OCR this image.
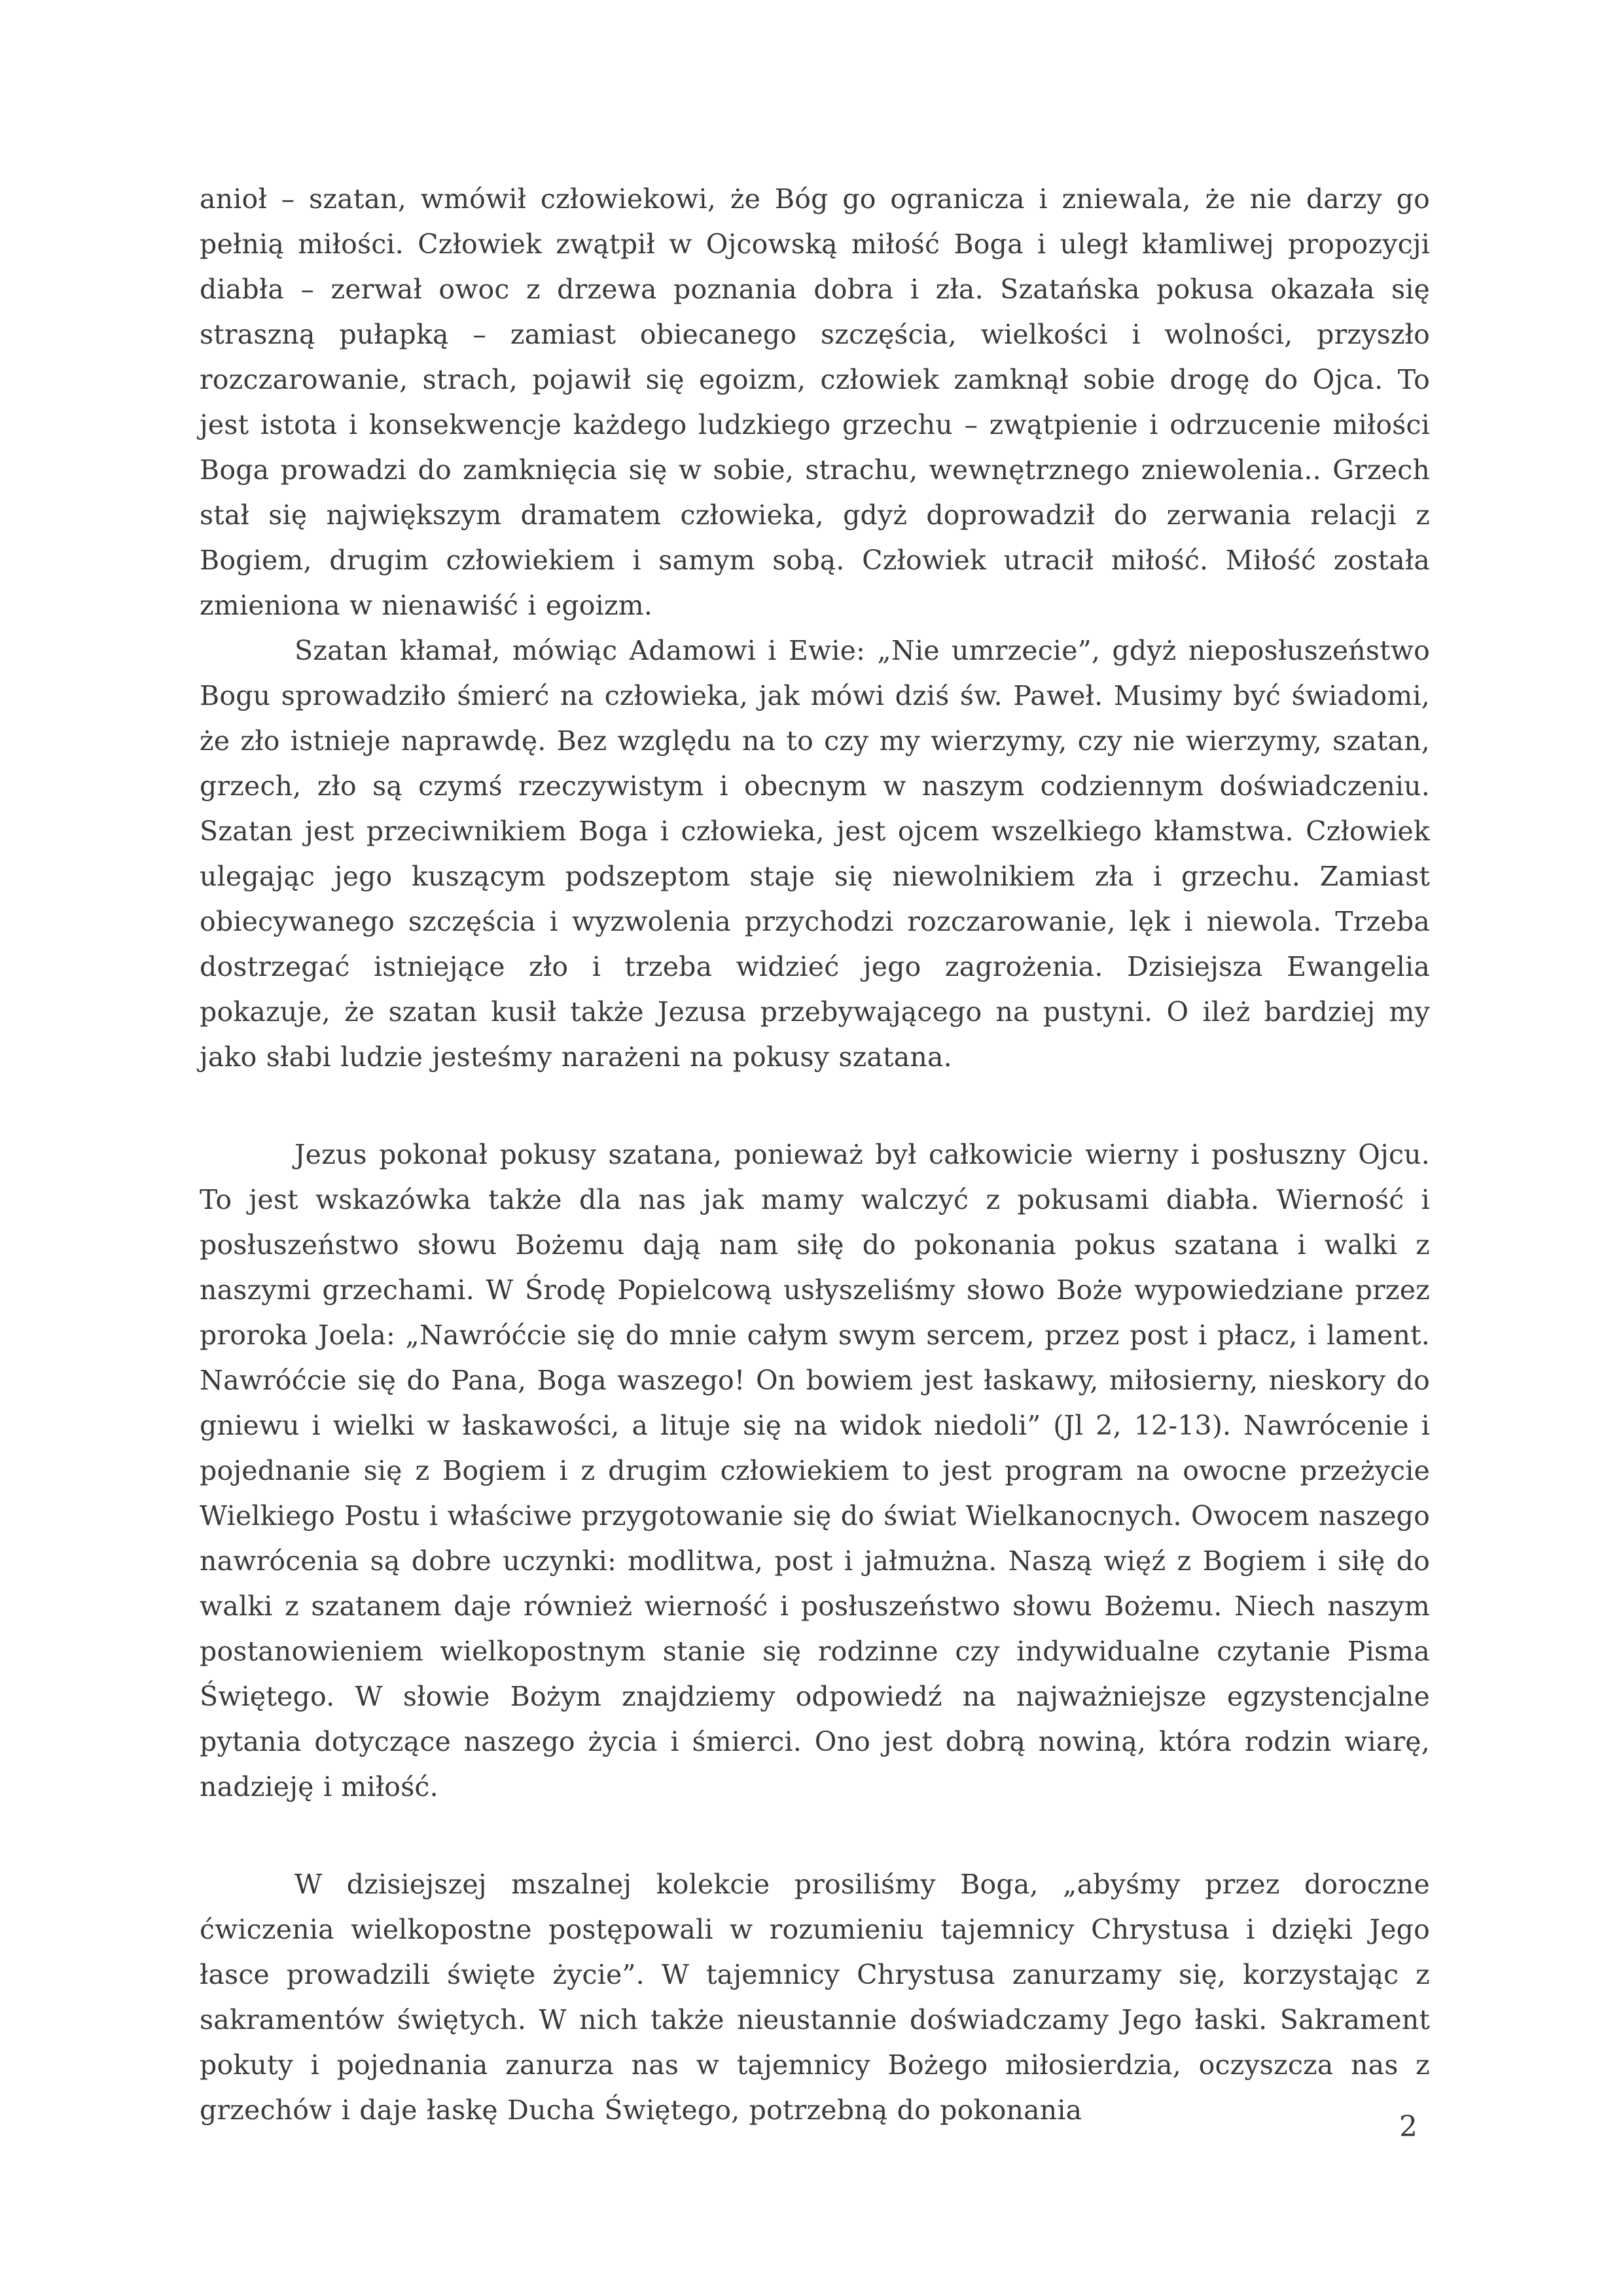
anioł – szatan, wmówił człowiekowi, że Bóg go ogranicza i zniewala, że nie darzy go pełnią miłości. Człowiek zwątpił w Ojcowską miłość Boga i uległ kłamliwej propozycji diabła – zerwał owoc z drzewa poznania dobra i zła. Szatańska pokusa okazała się straszną pułapką – zamiast obiecanego szczęścia, wielkości i wolności, przyszło rozczarowanie, strach, pojawił się egoizm, człowiek zamknął sobie drogę do Ojca. To jest istota i konsekwencje każdego ludzkiego grzechu – zwątpienie i odrzucenie miłości Boga prowadzi do zamknięcia się w sobie, strachu, wewnętrznego zniewolenia.. Grzech stał się największym dramatem człowieka, gdyż doprowadził do zerwania relacji z Bogiem, drugim człowiekiem i samym sobą. Człowiek utracił miłość. Miłość została zmieniona w nienawiść i egoizm.

Szatan kłamał, mówiąc Adamowi i Ewie: „Nie umrzecie”, gdyż nieposłuszeństwo Bogu sprowadziło śmierć na człowieka, jak mówi dziś św. Paweł. Musimy być świadomi, że zło istnieje naprawdę. Bez względu na to czy my wierzymy, czy nie wierzymy, szatan, grzech, zło są czymś rzeczywistym i obecnym w naszym codziennym doświadczeniu. Szatan jest przeciwnikiem Boga i człowieka, jest ojcem wszelkiego kłamstwa. Człowiek ulegając jego kuszącym podszeptom staje się niewolnikiem zła i grzechu. Zamiast obiecywanego szczęścia i wyzwolenia przychodzi rozczarowanie, lęk i niewola. Trzeba dostrzegać istniejące zło i trzeba widzieć jego zagrożenia. Dzisiejsza Ewangelia pokazuje, że szatan kusił także Jezusa przebywającego na pustyni. O ileż bardziej my jako słabi ludzie jesteśmy narażeni na pokusy szatana.

Jezus pokonał pokusy szatana, ponieważ był całkowicie wierny i posłuszny Ojcu. To jest wskazówka także dla nas jak mamy walczyć z pokusami diabła. Wierność i posłuszeństwo słowu Bożemu dają nam siłę do pokonania pokus szatana i walki z naszymi grzechami. W Środę Popielcową usłyszeliśmy słowo Boże wypowiedziane przez proroka Joela: „Nawróćcie się do mnie całym swym sercem, przez post i płacz, i lament. Nawróćcie się do Pana, Boga waszego! On bowiem jest łaskawy, miłosierny, nieskory do gniewu i wielki w łaskawości, a lituje się na widok niedoli” (Jl 2, 12-13). Nawrócenie i pojednanie się z Bogiem i z drugim człowiekiem to jest program na owocne przeżycie Wielkiego Postu i właściwe przygotowanie się do świat Wielkanocnych. Owocem naszego nawrócenia są dobre uczynki: modlitwa, post i jałmużna. Naszą więź z Bogiem i siłę do walki z szatanem daje również wierność i posłuszeństwo słowu Bożemu. Niech naszym postanowieniem wielkopostnym stanie się rodzinne czy indywidualne czytanie Pisma Świętego. W słowie Bożym znajdziemy odpowiedź na najważniejsze egzystencjalne pytania dotyczące naszego życia i śmierci. Ono jest dobrą nowiną, która rodzin wiarę, nadzieję i miłość.

W dzisiejszej mszalnej kolekcie prosiliśmy Boga, „abyśmy przez doroczne ćwiczenia wielkopostne postępowali w rozumieniu tajemnicy Chrystusa i dzięki Jego łasce prowadzili święte życie”. W tajemnicy Chrystusa zanurzamy się, korzystając z sakramentów świętych. W nich także nieustannie doświadczamy Jego łaski. Sakrament pokuty i pojednania zanurza nas w tajemnicy Bożego miłosierdzia, oczyszcza nas z grzechów i daje łaskę Ducha Świętego, potrzebną do pokonania	2
